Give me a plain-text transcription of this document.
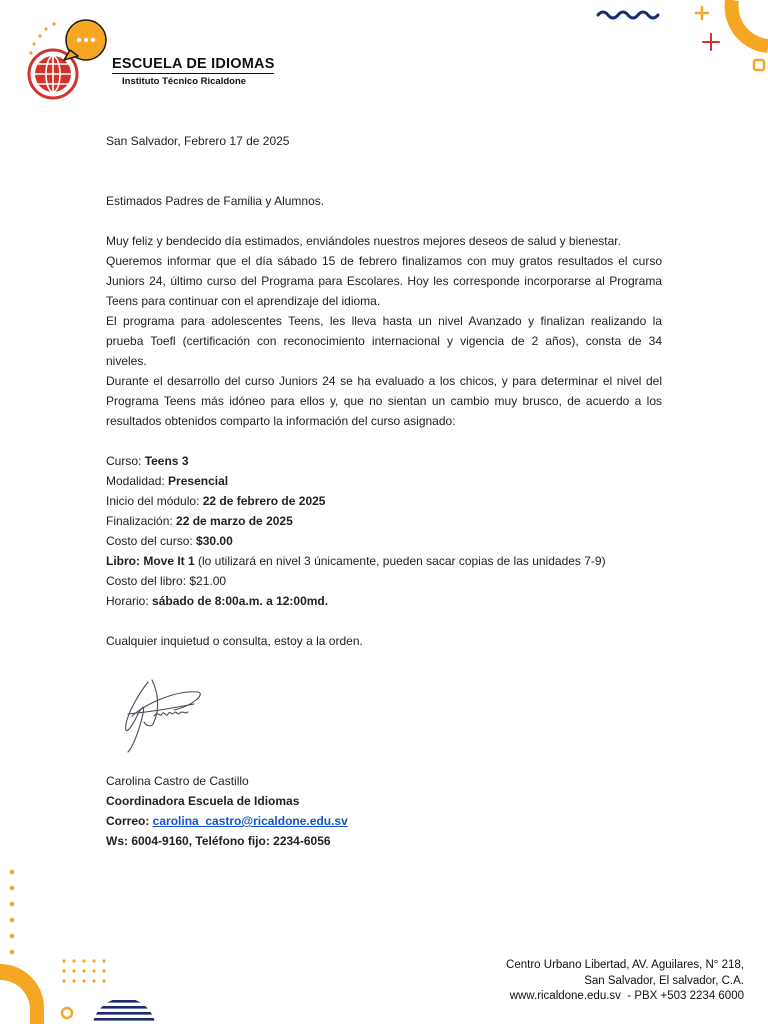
ESCUELA DE IDIOMAS
Instituto Técnico Ricaldone
San Salvador, Febrero 17 de 2025
Estimados Padres de Familia y Alumnos.
Muy feliz y bendecido día estimados, enviándoles nuestros mejores deseos de salud y bienestar.
Queremos informar que el día sábado 15 de febrero finalizamos con muy gratos resultados el curso
Juniors 24, último curso del Programa para Escolares. Hoy les corresponde incorporarse al Programa
Teens para continuar con el aprendizaje del idioma.
El programa para adolescentes Teens, les lleva hasta un nivel Avanzado y finalizan realizando la
prueba Toefl (certificación con reconocimiento internacional y vigencia de 2 años), consta de 34
niveles.
Durante el desarrollo del curso Juniors 24 se ha evaluado a los chicos, y para determinar el nivel del
Programa Teens más idóneo para ellos y, que no sientan un cambio muy brusco, de acuerdo a los
resultados obtenidos comparto la información del curso asignado:
Curso: Teens 3
Modalidad: Presencial
Inicio del módulo: 22 de febrero de 2025
Finalización: 22 de marzo de 2025
Costo del curso: $30.00
Libro: Move It 1 (lo utilizará en nivel 3 únicamente, pueden sacar copias de las unidades 7-9)
Costo del libro: $21.00
Horario: sábado de 8:00a.m. a 12:00md.
Cualquier inquietud o consulta, estoy a la orden.
Carolina Castro de Castillo
Coordinadora Escuela de Idiomas
Correo: carolina_castro@ricaldone.edu.sv
Ws: 6004-9160, Teléfono fijo: 2234-6056
Centro Urbano Libertad, AV. Aguilares, N° 218,
San Salvador, El salvador, C.A.
www.ricaldone.edu.sv  - PBX +503 2234 6000
